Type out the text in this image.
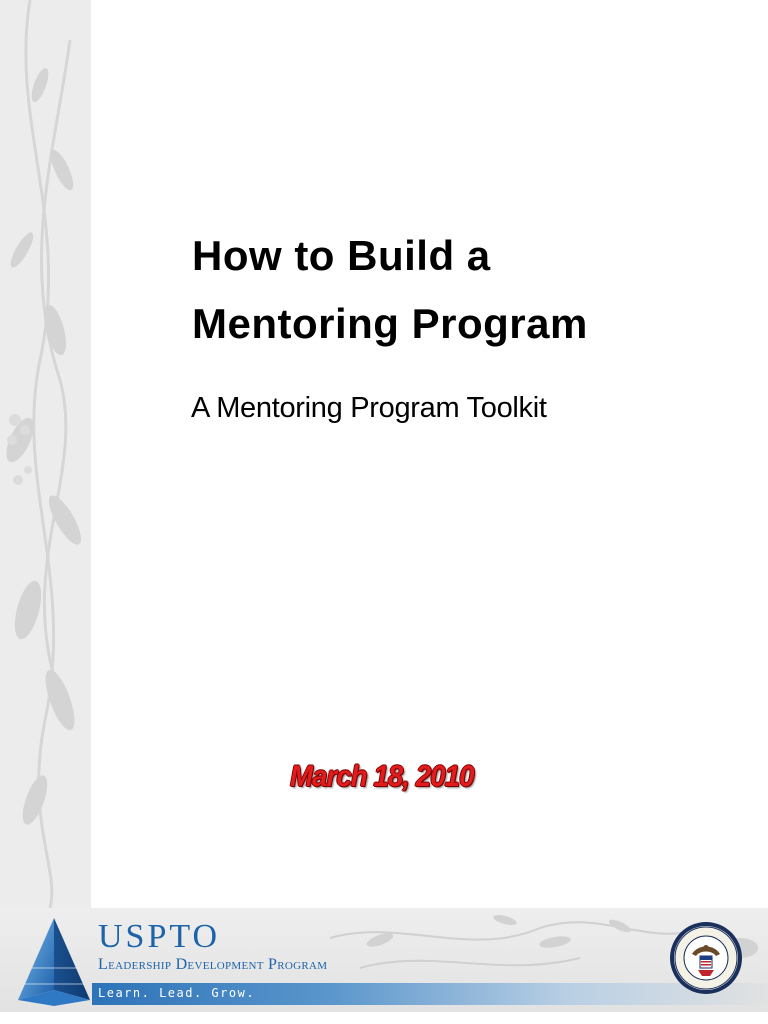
How to Build a
Mentoring Program
A Mentoring Program Toolkit
March 18, 2010
USPTO
Leadership Development Program
Learn. Lead. Grow.
